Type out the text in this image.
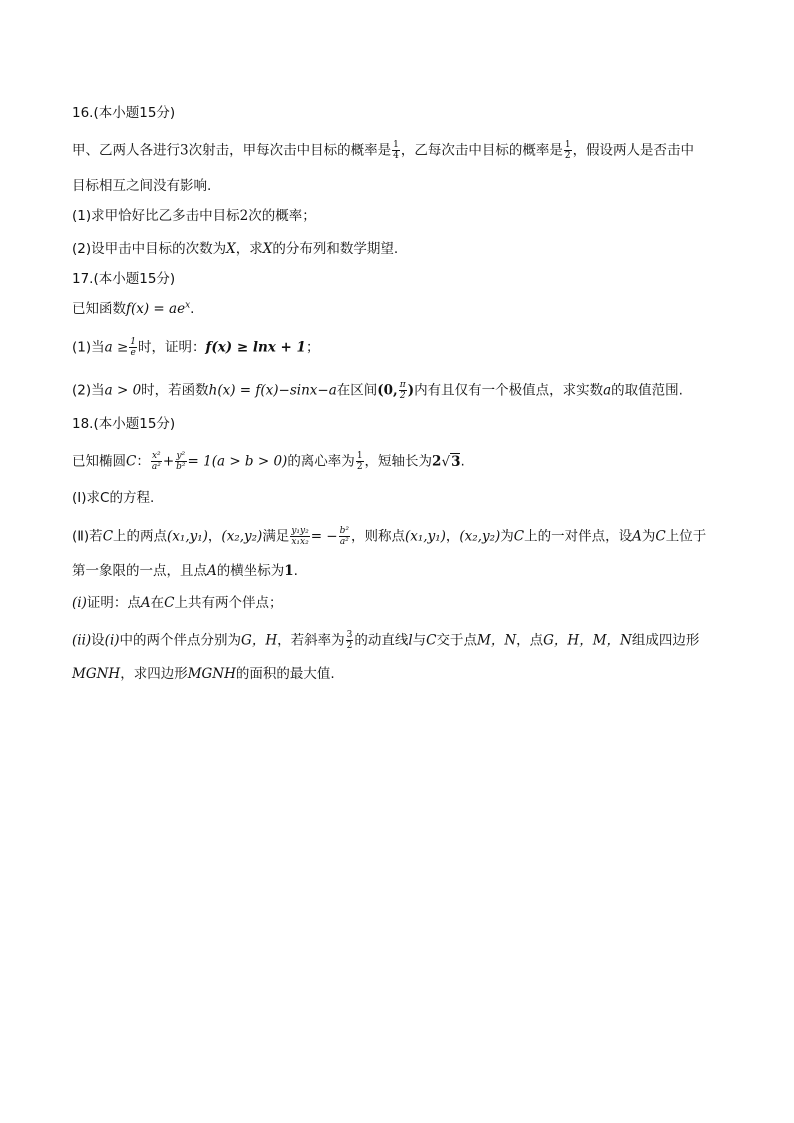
16.(本小题15分)
甲、乙两人各进行3次射击，甲每次击中目标的概率是 $\frac{1}{4}$ ，乙每次击中目标的概率是 $\frac{1}{2}$ ，假设两人是否击中
目标相互之间没有影响.
(1)求甲恰好比乙多击中目标2次的概率；
(2)设甲击中目标的次数为X，求X的分布列和数学期望.
17.(本小题15分)
已知函数$f(x) = ae^x$.
(1)当$a \ge \frac{1}{e}$ 时，证明：f(x) ≥ lnx + 1；
(2)当a > 0时，若函数h(x) = f(x)−sinx−a在区间(0, $\frac{\pi}{2}$ )内有且仅有一个极值点，求实数a的取值范围.
18.(本小题15分)
已知椭圆C： $\frac{\text{x²}}{\text{a²}} + \frac{\text{y²}}{\text{b²}} = 1(a > b > 0)$的离心率为 $\frac{1}{2}$ ，短轴长为2√3.
(Ⅰ)求C的方程.
(Ⅱ)若C上的两点(x₁,y₁)，(x₂,y₂)满足 $\frac{\text{y₁y₂}}{\text{x₁x₂}}$ = − $\frac{\text{b²}}{\text{a²}}$ ，则称点(x₁,y₁)，(x₂,y₂)为C上的一对伴点，设A为C上位于
第一象限的一点，且点A的横坐标为1.
(i)证明：点A在C上共有两个伴点；
(ii)设(i)中的两个伴点分别为G，H，若斜率为 $\frac{3}{2}$ 的动直线l与C交于点M，N，点G，H，M，N组成四边形
MGNH，求四边形MGNH的面积的最大值.
